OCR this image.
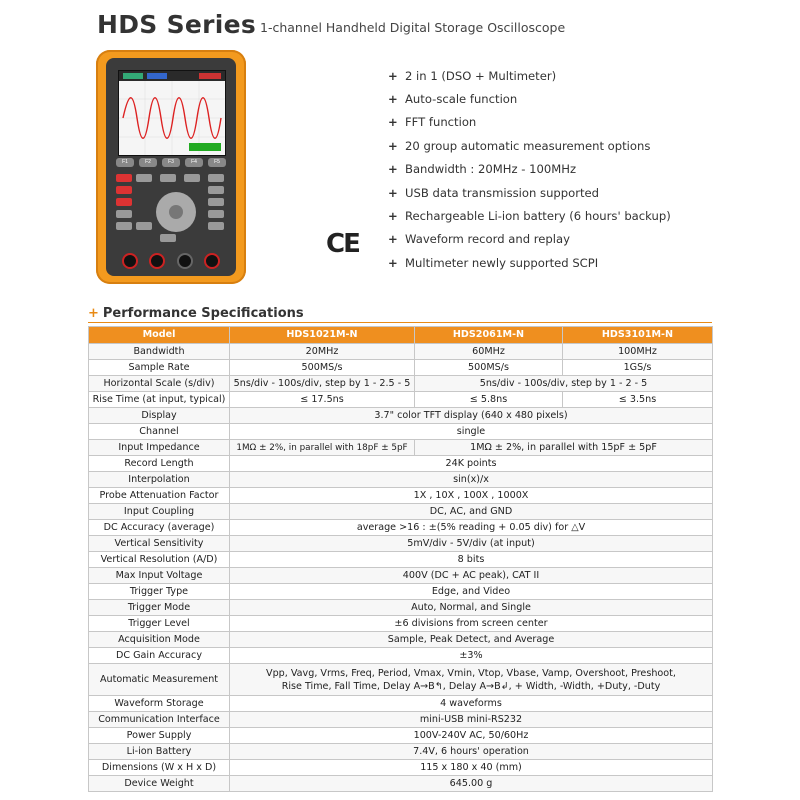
HDS Series 1-channel Handheld Digital Storage Oscilloscope
F1	F2	F3	F4	F5
CE
+ 2 in 1 (DSO + Multimeter)
+ Auto-scale function
+ FFT function
+ 20 group automatic measurement options
+ Bandwidth : 20MHz - 100MHz
+ USB data transmission supported
+ Rechargeable Li-ion battery (6 hours' backup)
+ Waveform record and replay
+ Multimeter newly supported SCPI
+ Performance Specifications
Model	HDS1021M-N	HDS2061M-N	HDS3101M-N
Bandwidth	20MHz	60MHz	100MHz
Sample Rate	500MS/s	500MS/s	1GS/s
Horizontal Scale (s/div)	5ns/div - 100s/div, step by 1 - 2.5 - 5	5ns/div - 100s/div, step by 1 - 2 - 5	
Rise Time (at input, typical)	≤ 17.5ns	≤ 5.8ns	≤ 3.5ns
Display	3.7" color TFT display (640 x 480 pixels)		
Channel	single		
Input Impedance	1MΩ ± 2%, in parallel with 18pF ± 5pF	1MΩ ± 2%, in parallel with 15pF ± 5pF	
Record Length	24K points		
Interpolation	sin(x)/x		
Probe Attenuation Factor	1X , 10X , 100X , 1000X		
Input Coupling	DC, AC, and GND		
DC Accuracy (average)	average >16 : ±(5% reading + 0.05 div) for △V		
Vertical Sensitivity	5mV/div - 5V/div (at input)		
Vertical Resolution (A/D)	8 bits		
Max Input Voltage	400V (DC + AC peak), CAT II		
Trigger Type	Edge, and Video		
Trigger Mode	Auto, Normal, and Single		
Trigger Level	±6 divisions from screen center		
Acquisition Mode	Sample, Peak Detect, and Average		
DC Gain Accuracy	±3%		
Automatic Measurement	Vpp, Vavg, Vrms, Freq, Period, Vmax, Vmin, Vtop, Vbase, Vamp, Overshoot, Preshoot,
Rise Time, Fall Time, Delay A→B↰, Delay A→B↲, + Width, -Width, +Duty, -Duty		

Waveform Storage	4 waveforms		
Communication Interface	mini-USB mini-RS232		
Power Supply	100V-240V AC, 50/60Hz		
Li-ion Battery	7.4V, 6 hours' operation		
Dimensions (W x H x D)	115 x 180 x 40 (mm)		
Device Weight	645.00 g		
